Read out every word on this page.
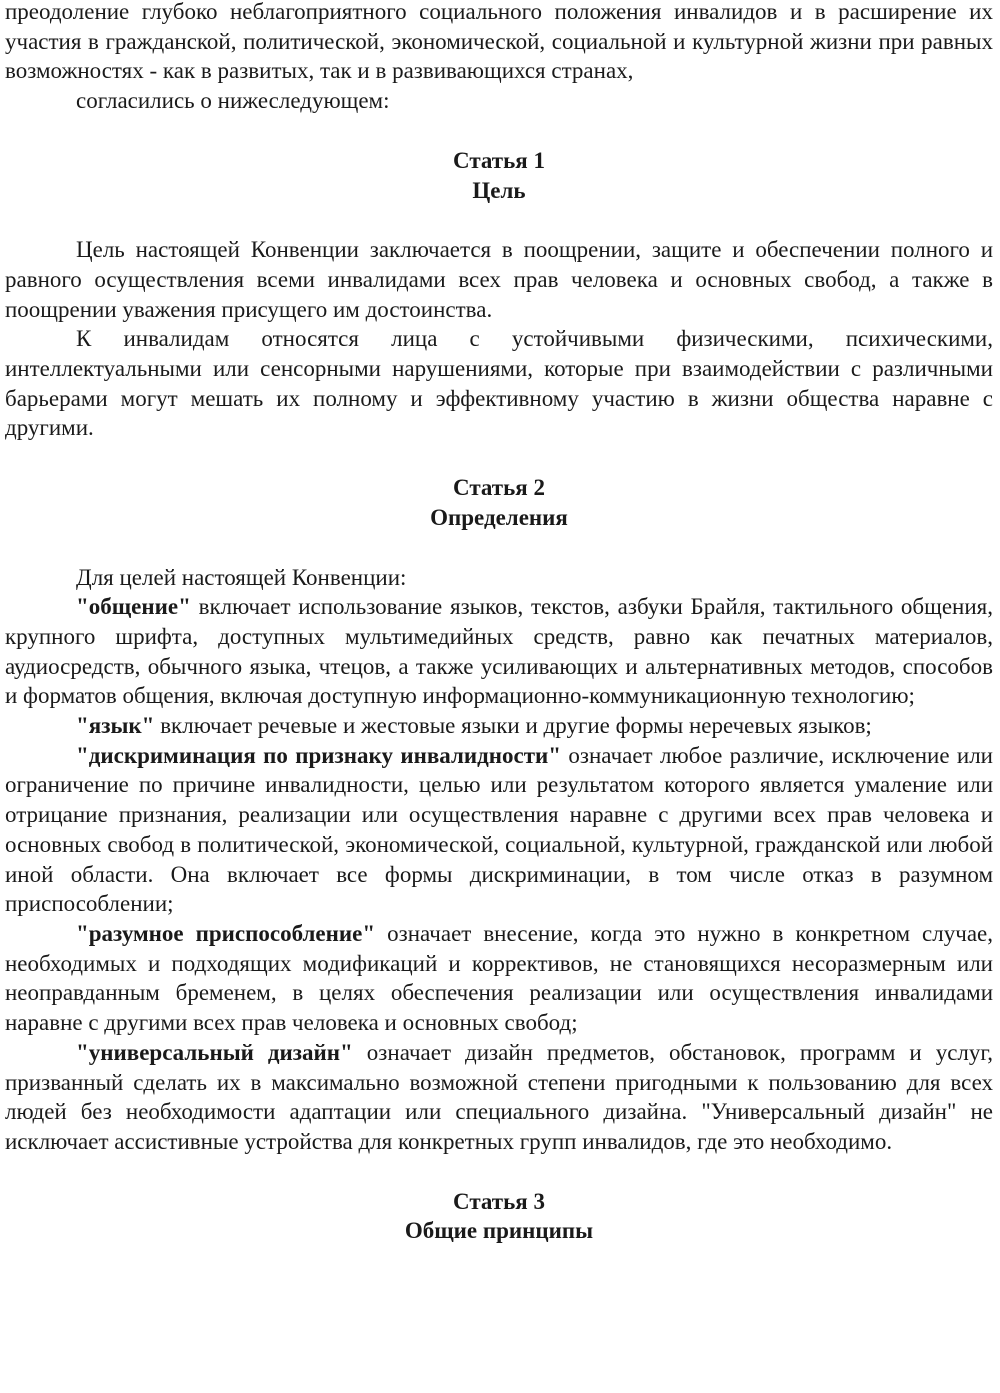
преодоление глубоко неблагоприятного социального положения инвалидов и в расширение их участия в гражданской, политической, экономической, социальной и культурной жизни при равных возможностях - как в развитых, так и в развивающихся странах,

согласились о нижеследующем:

Статья 1
Цель

Цель настоящей Конвенции заключается в поощрении, защите и обеспечении полного и равного осуществления всеми инвалидами всех прав человека и основных свобод, а также в поощрении уважения присущего им достоинства.

К инвалидам относятся лица с устойчивыми физическими, психическими, интеллектуальными или сенсорными нарушениями, которые при взаимодействии с различными барьерами могут мешать их полному и эффективному участию в жизни общества наравне с другими.

Статья 2
Определения

Для целей настоящей Конвенции:

"общение" включает использование языков, текстов, азбуки Брайля, тактильного общения, крупного шрифта, доступных мультимедийных средств, равно как печатных материалов, аудиосредств, обычного языка, чтецов, а также усиливающих и альтернативных методов, способов и форматов общения, включая доступную информационно-коммуникационную технологию;

"язык" включает речевые и жестовые языки и другие формы неречевых языков;

"дискриминация по признаку инвалидности" означает любое различие, исключение или ограничение по причине инвалидности, целью или результатом которого является умаление или отрицание признания, реализации или осуществления наравне с другими всех прав человека и основных свобод в политической, экономической, социальной, культурной, гражданской или любой иной области. Она включает все формы дискриминации, в том числе отказ в разумном приспособлении;

"разумное приспособление" означает внесение, когда это нужно в конкретном случае, необходимых и подходящих модификаций и коррективов, не становящихся несоразмерным или неоправданным бременем, в целях обеспечения реализации или осуществления инвалидами наравне с другими всех прав человека и основных свобод;

"универсальный дизайн" означает дизайн предметов, обстановок, программ и услуг, призванный сделать их в максимально возможной степени пригодными к пользованию для всех людей без необходимости адаптации или специального дизайна. "Универсальный дизайн" не исключает ассистивные устройства для конкретных групп инвалидов, где это необходимо.

Статья 3
Общие принципы
